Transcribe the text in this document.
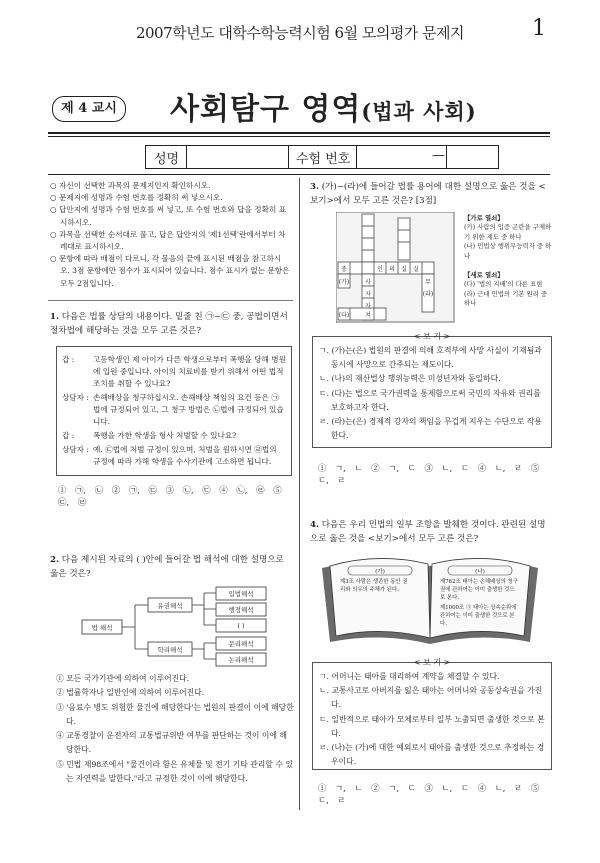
2007학년도 대학수학능력시험 6월 모의평가 문제지	1
제 4 교시	사회탐구 영역(법과 사회)
성명	수험 번호	—
○ 자신이 선택한 과목의 문제지인지 확인하시오.
○ 문제지에 성명과 수험 번호를 정확히 써 넣으시오.
○ 답안지에 성명과 수험 번호를 써 넣고, 또 수험 번호와 답을 정확히 표시하시오.
○ 과목을 선택한 순서대로 풀고, 답은 답안지의 '제1선택'란에서부터 차례대로 표시하시오.
○ 문항에 따라 배점이 다르니, 각 물음의 끝에 표시된 배점을 참고하시오. 3점 문항에만 점수가 표시되어 있습니다. 점수 표시가 없는 문항은 모두 2점입니다.
1. 다음은 법률 상담의 내용이다. 밑줄 친 ㉠~㉢ 중, 공법이면서 절차법에 해당하는 것을 모두 고른 것은?
갑 :	고등학생인 제 아이가 다른 학생으로부터 폭행을 당해 병원에 입원 중입니다. 아이의 치료비를 받기 위해서 어떤 법적 조치를 취할 수 있나요?
상담자 :	손해배상을 청구하십시오. 손해배상 책임의 요건 등은 ㉠법에 규정되어 있고, 그 청구 방법은 ㉡법에 규정되어 있습니다.
갑 :	폭행을 가한 학생을 형사 처벌할 수 있나요?
상담자 :	예. ㉢법에 처벌 규정이 있으며, 처벌을 원하시면 ㉣법의 규정에 따라 가해 학생을 수사기관에 고소하면 됩니다.
① ㉠, ㉡ ② ㉠, ㉢ ③ ㉡, ㉢ ④ ㉡, ㉣ ⑤ ㉢, ㉣
2. 다음 제시된 자료의 ( )안에 들어갈 법 해석에 대한 설명으로 옳은 것은?
법 해석
유권해석
학리해석
입법해석
행정해석
( )
문리해석
논리해석
① 모든 국가기관에 의하여 이루어진다.
② 법률학자나 일반인에 의하여 이루어진다.
③ '음료수 병도 위험한 물건에 해당한다'는 법원의 판결이 이에 해당한다.
④ 교통경찰이 운전자의 교통법규위반 여부를 판단하는 것이 이에 해당한다.
⑤ 민법 제98조에서 "물건이라 함은 유체물 및 전기 기타 관리할 수 있는 자연력을 말한다."라고 규정한 것이 이에 해당한다.
3. (가)~(라)에 들어갈 법률 용어에 대한 설명으로 옳은 것을 <보기>에서 모두 고른 것은? [3점]
중	인 의 실 실
(가)	사	무
(라)
자
자
(다)	치
【가로 열쇠】
(가) 사람의 입증 곤란을 구제하기 위한 제도 중 하나
(나) 민법상 행위무능력자 중 하나
【세로 열쇠】
(다) '법의 지배'의 다른 표현
(라) 근대 민법의 기본 원리 중 하나
< 보 기 >
ㄱ. (가)는(은) 법원의 판결에 의해 호적부에 사망 사실이 기재됨과 동시에 사망으로 간주되는 제도이다.
ㄴ. (나)의 재산법상 행위능력은 미성년자와 동일하다.
ㄷ. (다)는 법으로 국가권력을 통제함으로써 국민의 자유와 권리를 보호하고자 한다.
ㄹ. (라)는(은) 경제적 강자의 책임을 무겁게 지우는 수단으로 작용한다.
① ㄱ, ㄴ ② ㄱ, ㄷ ③ ㄴ, ㄷ ④ ㄴ, ㄹ ⑤ ㄷ, ㄹ
4. 다음은 우리 민법의 일부 조항을 발췌한 것이다. 관련된 설명으로 옳은 것을 <보기>에서 모두 고른 것은?
(가)	(나)
제3조 사람은 생존한 동안 권리와 의무의 주체가 된다.
제762조 태아는 손해배상의 청구권에 관하여는 이미 출생한 것으로 본다.
제1000조 ③ 태아는 상속순위에 관하여는 이미 출생한 것으로 본다.
< 보 기 >
ㄱ. 어머니는 태아를 대리하여 계약을 체결할 수 있다.
ㄴ. 교통사고로 아버지를 잃은 태아는 어머니와 공동상속권을 가진다.
ㄷ. 일반적으로 태아가 모체로부터 일부 노출되면 출생한 것으로 본다.
ㄹ. (나)는 (가)에 대한 예외로서 태아를 출생한 것으로 추정하는 경우이다.
① ㄱ, ㄴ ② ㄱ, ㄷ ③ ㄴ, ㄷ ④ ㄴ, ㄹ ⑤ ㄷ, ㄹ
